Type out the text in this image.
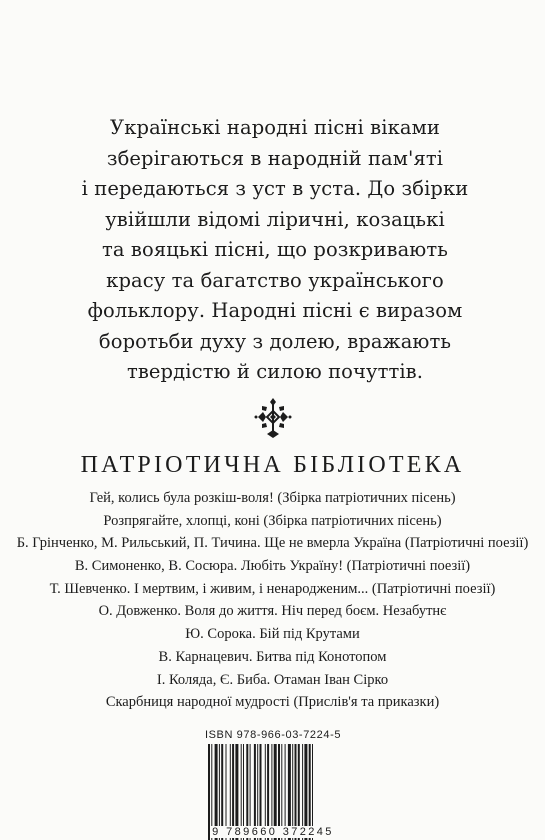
Українські народні пісні віками
зберігаються в народній пам'яті
і передаються з уст в уста. До збірки
увійшли відомі ліричні, козацькі
та вояцькі пісні, що розкривають
красу та багатство українського
фольклору. Народні пісні є виразом
боротьби духу з долею, вражають
твердістю й силою почуттів.
ПАТРІОТИЧНА БІБЛІОТЕКА
Гей, колись була розкіш-воля! (Збірка патріотичних пісень)
Розпрягайте, хлопці, коні (Збірка патріотичних пісень)
Б. Грінченко, М. Рильський, П. Тичина. Ще не вмерла Україна (Патріотичні поезії)
В. Симоненко, В. Сосюра. Любіть Україну! (Патріотичні поезії)
Т. Шевченко. І мертвим, і живим, і ненародженим... (Патріотичні поезії)
О. Довженко. Воля до життя. Ніч перед боєм. Незабутнє
Ю. Сорока. Бій під Крутами
В. Карнацевич. Битва під Конотопом
І. Коляда, Є. Биба. Отаман Іван Сірко
Скарбниця народної мудрості (Прислів'я та приказки)
ISBN 978-966-03-7224-5
9 789660 372245
